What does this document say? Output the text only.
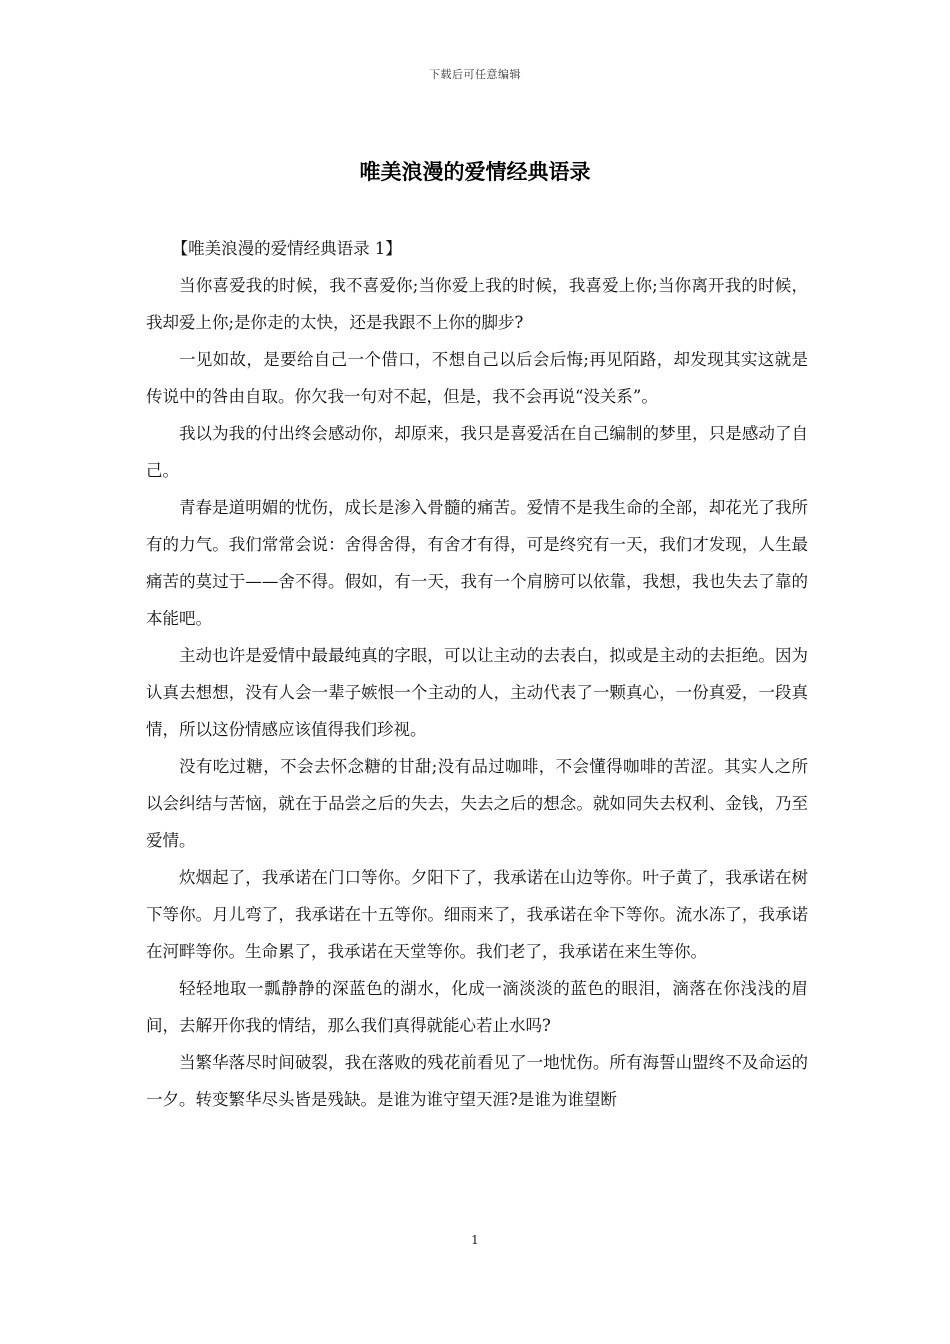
下载后可任意编辑
唯美浪漫的爱情经典语录

【唯美浪漫的爱情经典语录 1】

当你喜爱我的时候，我不喜爱你;当你爱上我的时候，我喜爱上你;当你离开我的时候，我却爱上你;是你走的太快，还是我跟不上你的脚步?

一见如故，是要给自己一个借口，不想自己以后会后悔;再见陌路，却发现其实这就是传说中的咎由自取。你欠我一句对不起，但是，我不会再说“没关系”。

我以为我的付出终会感动你，却原来，我只是喜爱活在自己编制的梦里，只是感动了自己。

青春是道明媚的忧伤，成长是渗入骨髓的痛苦。爱情不是我生命的全部，却花光了我所有的力气。我们常常会说：舍得舍得，有舍才有得，可是终究有一天，我们才发现，人生最痛苦的莫过于——舍不得。假如，有一天，我有一个肩膀可以依靠，我想，我也失去了靠的本能吧。

主动也许是爱情中最最纯真的字眼，可以让主动的去表白，拟或是主动的去拒绝。因为认真去想想，没有人会一辈子嫉恨一个主动的人，主动代表了一颗真心，一份真爱，一段真情，所以这份情感应该值得我们珍视。

没有吃过糖，不会去怀念糖的甘甜;没有品过咖啡，不会懂得咖啡的苦涩。其实人之所以会纠结与苦恼，就在于品尝之后的失去，失去之后的想念。就如同失去权利、金钱，乃至爱情。

炊烟起了，我承诺在门口等你。夕阳下了，我承诺在山边等你。叶子黄了，我承诺在树下等你。月儿弯了，我承诺在十五等你。细雨来了，我承诺在伞下等你。流水冻了，我承诺在河畔等你。生命累了，我承诺在天堂等你。我们老了，我承诺在来生等你。

轻轻地取一瓢静静的深蓝色的湖水，化成一滴淡淡的蓝色的眼泪，滴落在你浅浅的眉间，去解开你我的情结，那么我们真得就能心若止水吗?

当繁华落尽时间破裂，我在落败的残花前看见了一地忧伤。所有海誓山盟终不及命运的一夕。转变繁华尽头皆是残缺。是谁为谁守望天涯?是谁为谁望断

1
